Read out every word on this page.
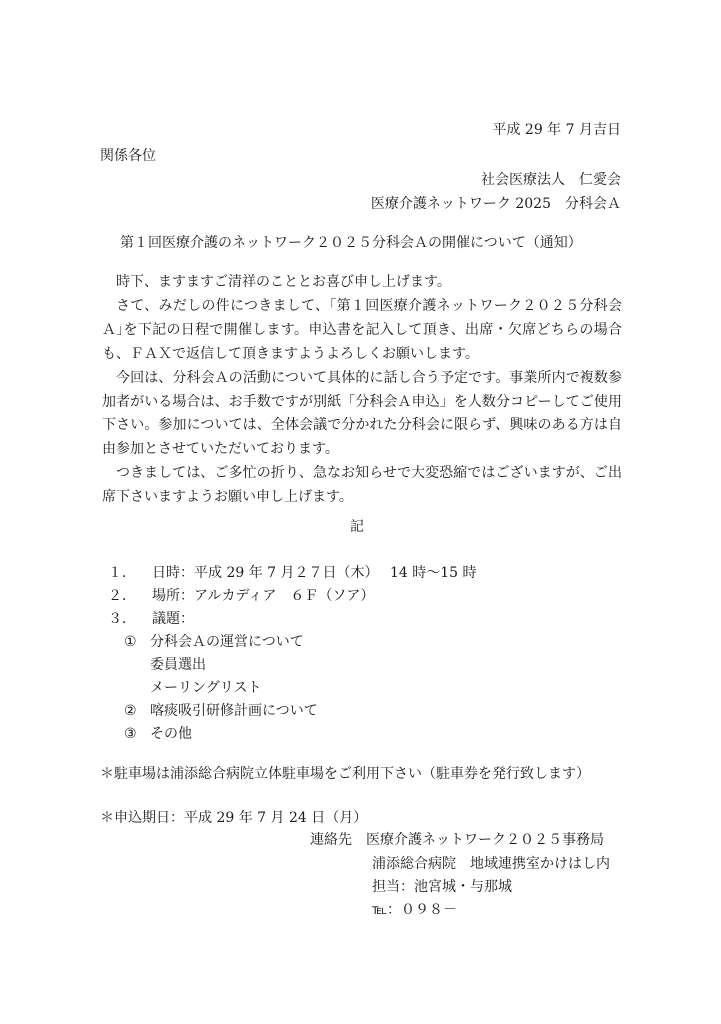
平成 29 年 7 月吉日
関係各位
社会医療法人　仁愛会
医療介護ネットワーク 2025　分科会Ａ
第１回医療介護のネットワーク２０２５分科会Ａの開催について（通知）

時下、ますますご清祥のこととお喜び申し上げます。

さて、みだしの件につきまして、｢第１回医療介護ネットワーク２０２５分科会Ａ｣を下記の日程で開催します。申込書を記入して頂き、出席・欠席どちらの場合も、ＦＡＸで返信して頂きますようよろしくお願いします。

今回は、分科会Ａの活動について具体的に話し合う予定です。事業所内で複数参加者がいる場合は、お手数ですが別紙「分科会Ａ申込」を人数分コピーしてご使用下さい。参加については、全体会議で分かれた分科会に限らず、興味のある方は自由参加とさせていただいております。

つきましては、ご多忙の折り、急なお知らせで大変恐縮ではございますが、ご出席下さいますようお願い申し上げます。

記
１． 日時：平成 29 年 7 月２７日（木）　 14 時～15 時
２． 場所：アルカディア　６Ｆ（ソア）
３． 議題：
① 分科会Ａの運営について
委員選出
メーリングリスト
② 喀痰吸引研修計画について
③ その他
＊駐車場は浦添総合病院立体駐車場をご利用下さい（駐車券を発行致します）
＊申込期日：平成 29 年 7 月 24 日（月）
連絡先　医療介護ネットワーク２０２５事務局
浦添総合病院　地域連携室かけはし内
担当：池宮城・与那城
℡：０９８－
